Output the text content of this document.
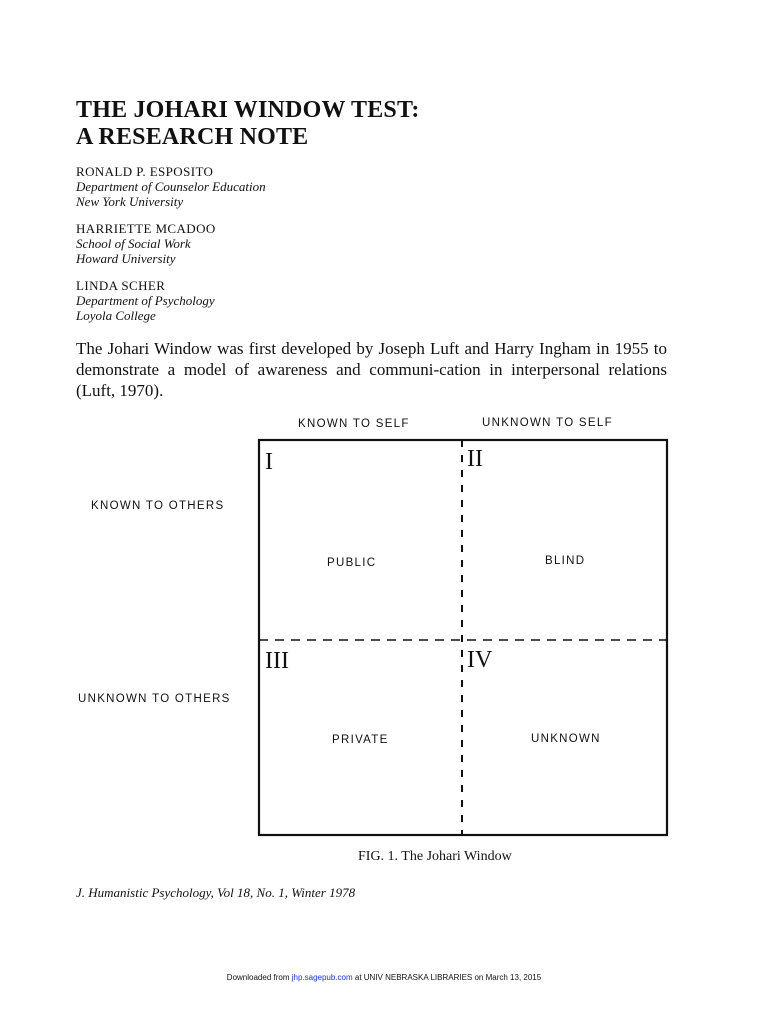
THE JOHARI WINDOW TEST:
A RESEARCH NOTE
RONALD P. ESPOSITO
Department of Counselor Education
New York University
HARRIETTE MCADOO
School of Social Work
Howard University
LINDA SCHER
Department of Psychology
Loyola College

The Johari Window was first developed by Joseph Luft and Harry Ingham in 1955 to demonstrate a model of awareness and communi-cation in interpersonal relations (Luft, 1970).

KNOWN TO SELF	UNKNOWN TO SELF
KNOWN TO OTHERS
UNKNOWN TO OTHERS
I	II
III	IV
PUBLIC	BLIND
PRIVATE	UNKNOWN
FIG. 1. The Johari Window
J. Humanistic Psychology, Vol 18, No. 1, Winter 1978
Downloaded from jhp.sagepub.com at UNIV NEBRASKA LIBRARIES on March 13, 2015
